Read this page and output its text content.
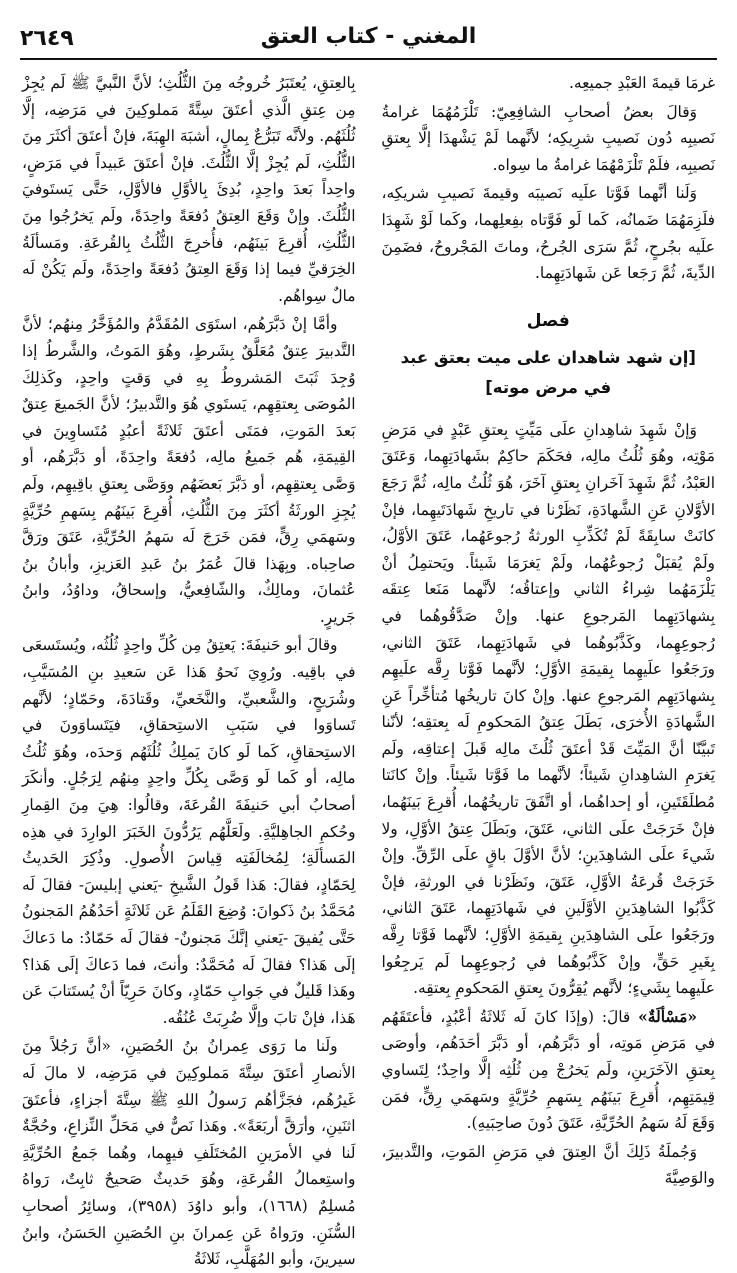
المغني - كتاب العتق
٢٦٤٩

غرمَا قيمةَ العَبْدِ جميعِه.

وَقالَ بعضُ أصحابِ الشافِعِيّ: تَلْزَمُهُمَا غرامةُ نَصيبِه دُون نَصيبِ شرِيكِه؛ لأنَّهما لَمْ يَشْهدَا إلَّا بِعتقِ نَصيبِه، فلَمْ تَلْزَمْهُمَا غرامةُ ما سِواه.

وَلَنا أنَّهما فَوَّتا علَيه نَصيبَه وقيمةَ نَصيبِ شريكِه، فلَزِمَهُمَا ضَمانُه، كَما لَو فَوَّتاه بفِعلِهما، وكَما لَوْ شَهِدَا علَيه بجُرحٍ، ثُمَّ سَرَى الجُرحُ، وماتَ المَجْروحُ، فضَمِنَ الدِّيةَ، ثُمَّ رَجَعا عَن شَهادَتِهِما.

فصل
[إن شهد شاهدان على ميت بعتق عبد في مرض موته]

وَإنْ شَهِدَ شاهِدانِ علَى مَيِّتٍ بِعتقِ عَبْدٍ في مَرَضِ مَوْتِه، وهُوَ ثُلُثُ مالِه، فحَكَمَ حاكِمٌ بشَهادَتِهِما، وَعَتَقَ العَبْدُ، ثُمَّ شَهِدَ آخَرانِ بِعتقِ آخَرَ، هُوَ ثُلُثُ مالِه، ثُمَّ رَجَعَ الأوَّلانِ عَنِ الشَّهادَةِ، نَظَرْنا في تاريخِ شَهادَتَيهِما، فإنْ كانَتْ سابِقَةً لَمْ تُكَذِّبِ الورثةُ رُجوعَهُما، عَتَقَ الأوَّلُ، ولَمْ يُقبَلْ رُجوعُهُما، ولَمْ يَغرَمَا شَيئاً. ويَحتمِلُ أنْ يَلْزَمَهُما شِراءُ الثاني وإعتاقُه؛ لأنَّهما مَنَعا عِتقَه بِشهادَتِهِما المَرجوعِ عنها. وإنْ صَدَّقُوهُما في رُجوعِهِما، وكَذَّبُوهُما في شَهادَتِهِما، عَتَقَ الثاني، ورَجَعُوا علَيهِما بِقيمَةِ الأوَّلِ؛ لأنَّهما فَوَّتا رِقَّه علَيهِم بِشهادَتِهِم المَرجوعِ عنها. وإنْ كانَ تاريخُها مُتأخِّراً عَنِ الشَّهادَةِ الأُخرَى، بَطَلَ عِتقُ المَحكومِ لَه بِعتقِه؛ لأنّنا تَبيَّنّا أنَّ المَيِّتَ قَدْ أعتَقَ ثُلُثَ مالِه قَبلَ إعتاقِه، ولَم يَغرَمِ الشاهِدانِ شَيئاً؛ لأنَّهما ما فَوَّتا شَيئاً. وإنْ كانَتا مُطلَقَتَينِ، أو إحداهُما، أو اتَّفَقَ تاريخُهُما، أُقرِعَ بَينَهُما، فإنْ خَرَجَتْ علَى الثاني، عَتَقَ، وبَطَلَ عِتقُ الأوَّلِ، ولا شَيءَ علَى الشاهِدَينِ؛ لأنَّ الأوَّلَ باقٍ علَى الرِّقِّ. وإنْ خَرَجَتْ قُرعَةُ الأوَّلِ، عَتَقَ، ونَظَرْنا في الورثةِ، فإنْ كَذَّبُوا الشاهِدَينِ الأوَّلَينِ في شَهادَتِهِما، عَتَقَ الثاني، ورَجَعُوا علَى الشاهِدَينِ بِقيمَةِ الأوَّلِ؛ لأنَّهما فَوَّتا رِقَّه بِغَيرِ حَقٍّ، وإنْ كَذَّبُوهُما في رُجوعِهِما لَم يَرجِعُوا علَيهِما بِشَيءٍ؛ لأنَّهم يُقِرُّونَ بِعتقِ المَحكومِ بِعتقِه.

«مَسْألَةٌ» قالَ: (وإذَا كانَ لَه ثَلاثَةُ أعْبُدٍ، فأعتَقَهُم في مَرَضِ مَوتِه، أو دَبَّرَهُم، أو دَبَّرَ أحَدَهُم، وأوصَى بِعتقِ الآخَرَينِ، ولَم يَخرُجْ مِن ثُلُثِه إلَّا واحِدٌ؛ لِتَساوي قِيمَتِهِم، أُقرِعَ بَينَهُم بِسَهمِ حُرِّيَّةٍ وسَهمَي رِقٍّ، فمَن وَقَعَ لَهُ سَهمُ الحُرِّيَّةِ، عَتَقَ دُونَ صاحِبَيهِ).

وَجُملَةُ ذَلِكَ أنَّ العِتقَ في مَرَضِ المَوتِ، والتَّدبيرَ، والوَصِيَّةَ

بِالعِتقِ، يُعتَبَرُ خُروجُه مِنَ الثُّلُثِ؛ لأنَّ النَّبيَّ ﷺ لَم يُجِزْ مِن عِتقِ الَّذي أعتَقَ سِتَّةً مَملوكِينَ في مَرَضِه، إلَّا ثُلُثَهُم. ولأنَّه تَبَرُّعٌ بِمالٍ، أشبَهَ الهِبَةَ، فإنْ أعتَقَ أكثَرَ مِنَ الثُّلُثِ، لَم يُجِزْ إلَّا الثُّلُثَ. فإنْ أعتَقَ عَبيداً في مَرَضٍ، واحِداً بَعدَ واحِدٍ، بُدِئَ بِالأوَّلِ فالأوَّلِ، حَتَّى يَستَوفيَ الثُّلُثَ. وإنْ وَقَعَ العِتقُ دُفعَةً واحِدَةً، ولَم يَخرُجُوا مِنَ الثُّلُثِ، أُقرِعَ بَينَهُم، فأُخرِجَ الثُّلُثُ بِالقُرعَةِ. ومَسألَةُ الخِرَقيِّ فيما إذا وَقَعَ العِتقُ دُفعَةً واحِدَةً، ولَم يَكُنْ لَه مالٌ سِواهُم.

وأمَّا إنْ دَبَّرَهُم، استَوَى المُقَدَّمُ والمُؤَخَّرُ مِنهُم؛ لأنَّ التَّدبيرَ عِتقٌ مُعَلَّقٌ بِشَرطٍ، وهُوَ المَوتُ، والشَّرطُ إذا وُجِدَ ثَبَتَ المَشروطُ بِهِ في وَقتٍ واحِدٍ، وكَذلِكَ المُوصَى بِعتقِهِم، يَستَوي هُوَ والتَّدبيرُ؛ لأنَّ الجَميعَ عِتقٌ بَعدَ المَوتِ، فمَتَى أعتَقَ ثَلاثَةً أعبُدٍ مُتَساوِينَ في القِيمَةِ، هُم جَميعُ مالِه، دُفعَةً واحِدَةً، أو دَبَّرَهُم، أو وَصَّى بِعتقِهِم، أو دَبَّرَ بَعضَهُم ووَصَّى بِعتقِ باقِيهِم، ولَم يُجِزِ الورثَةُ أكثَرَ مِنَ الثُّلُثِ، أُقرِعَ بَينَهُم بِسَهمِ حُرِّيَّةٍ وسَهمَي رِقٍّ، فمَن خَرَجَ لَه سَهمُ الحُرِّيَّةِ، عَتَقَ ورَقَّ صاحِباه. وبِهَذا قالَ عُمَرُ بنُ عَبدِ العَزيزِ، وأبانُ بنُ عُثمانَ، ومالِكٌ، والشّافِعيُّ، وإسحاقُ، وداوُدُ، وابنُ جَريرٍ.

وقالَ أبو حَنيفَةَ: يَعتِقُ مِن كُلِّ واحِدٍ ثُلُثُه، ويُستَسعَى في باقِيه. ورُوِيَ نَحوُ هَذا عَن سَعيدِ بنِ المُسَيَّبِ، وشُرَيحٍ، والشَّعبيِّ، والنَّخَعيِّ، وقَتادَةَ، وحَمّادٍ؛ لأنَّهم تَساوَوا في سَبَبِ الاستِحقاقِ، فيَتَساوَونَ في الاستِحقاقِ، كَما لَو كانَ يَملِكُ ثُلُثَهُم وَحدَه، وهُوَ ثُلُثُ مالِه، أو كَما لَو وَصَّى بِكُلِّ واحِدٍ مِنهُم لِرَجُلٍ. وأنكَرَ أصحابُ أبي حَنيفَةَ القُرعَةَ، وقالُوا: هِيَ مِنَ القِمارِ وحُكمِ الجاهِليَّةِ. ولَعَلَّهُم يَرُدُّونَ الخَبَرَ الوارِدَ في هذِه المَسألَةِ؛ لِمُخالَفَتِه قِياسَ الأُصولِ. وذُكِرَ الحَديثُ لِحَمّادٍ، فقالَ: هَذا قَولُ الشَّيخِ -يَعني إبليسَ- فقالَ لَه مُحَمَّدُ بنُ ذَكوانَ: وُضِعَ القَلَمُ عَن ثَلاثَةٍ أحَدُهُمُ المَجنونُ حَتَّى يُفيقَ -يَعني إنَّكَ مَجنونٌ- فقالَ لَه حَمّادٌ: ما دَعاكَ إلَى هَذا؟ فقالَ لَه مُحَمَّدٌ: وأنتَ، فما دَعاكَ إلَى هَذا؟ وهَذا قَليلٌ في جَوابِ حَمّادٍ، وكانَ حَرِيّاً أنْ يُستَتابَ عَن هَذا، فإنْ تابَ وإلَّا ضُرِبَتْ عُنُقُه.

ولَنا ما رَوَى عِمرانُ بنُ الحُصَينِ، «أنَّ رَجُلاً مِنَ الأنصارِ أعتَقَ سِتَّةَ مَملوكِينَ في مَرَضِه، لا مالَ لَه غَيرُهُم، فجَزَّأهُم رَسولُ اللهِ ﷺ سِتَّةَ أجزاءٍ، فأعتَقَ اثنَينِ، وأرَقَّ أربَعَةً». وهَذا نَصٌّ في مَحَلِّ النِّزاعِ، وحُجَّةٌ لَنا في الأمرَينِ المُختَلَفِ فيهِما، وهُما جَمعُ الحُرِّيَّةِ واستِعمالُ القُرعَةِ، وهُوَ حَديثٌ صَحيحٌ ثابِتٌ، رَواهُ مُسلِمٌ (١٦٦٨)، وأبو داوُدَ (٣٩٥٨)، وسائِرُ أصحابِ السُّنَنِ. ورَواهُ عَن عِمرانَ بنِ الحُصَينِ الحَسَنُ، وابنُ سيرينَ، وأبو المُهَلَّبِ، ثَلاثَةُ
